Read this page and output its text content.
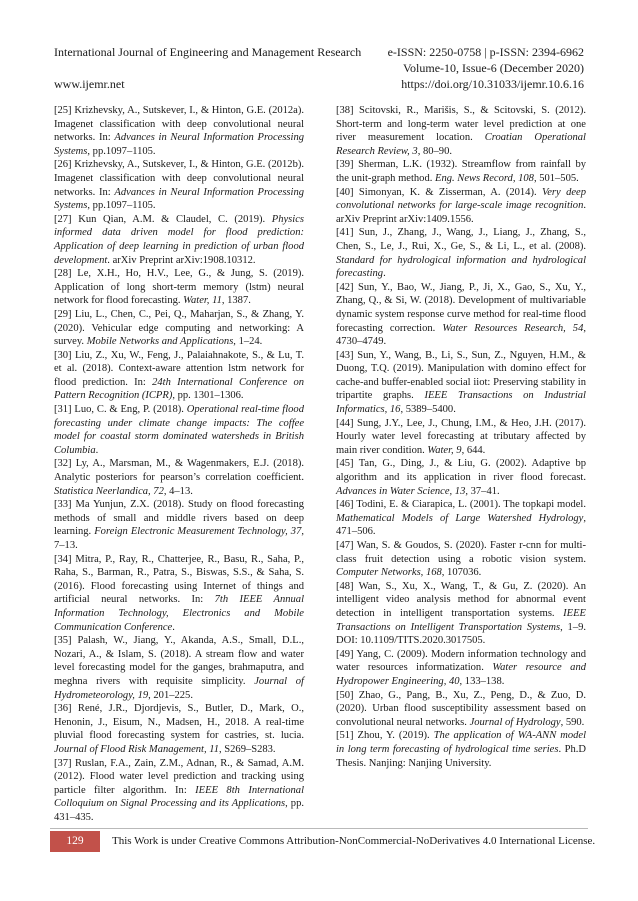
International Journal of Engineering and Management Research e-ISSN: 2250-0758 | p-ISSN: 2394-6962
Volume-10, Issue-6 (December 2020)
www.ijemr.net	https://doi.org/10.31033/ijemr.10.6.16

[25] Krizhevsky, A., Sutskever, I., & Hinton, G.E. (2012a). Imagenet classification with deep convolutional neural networks. In: Advances in Neural Information Processing Systems, pp.1097–1105.

[26] Krizhevsky, A., Sutskever, I., & Hinton, G.E. (2012b). Imagenet classification with deep convolutional neural networks. In: Advances in Neural Information Processing Systems, pp.1097–1105.

[27] Kun Qian, A.M. & Claudel, C. (2019). Physics informed data driven model for flood prediction: Application of deep learning in prediction of urban flood development. arXiv Preprint arXiv:1908.10312.

[28] Le, X.H., Ho, H.V., Lee, G., & Jung, S. (2019). Application of long short-term memory (lstm) neural network for flood forecasting. Water, 11, 1387.

[29] Liu, L., Chen, C., Pei, Q., Maharjan, S., & Zhang, Y. (2020). Vehicular edge computing and networking: A survey. Mobile Networks and Applications, 1–24.

[30] Liu, Z., Xu, W., Feng, J., Palaiahnakote, S., & Lu, T. et al. (2018). Context-aware attention lstm network for flood prediction. In: 24th International Conference on Pattern Recognition (ICPR), pp. 1301–1306.

[31] Luo, C. & Eng, P. (2018). Operational real-time flood forecasting under climate change impacts: The coffee model for coastal storm dominated watersheds in British Columbia.

[32] Ly, A., Marsman, M., & Wagenmakers, E.J. (2018). Analytic posteriors for pearson’s correlation coefficient. Statistica Neerlandica, 72, 4–13.

[33] Ma Yunjun, Z.X. (2018). Study on flood forecasting methods of small and middle rivers based on deep learning. Foreign Electronic Measurement Technology, 37, 7–13.

[34] Mitra, P., Ray, R., Chatterjee, R., Basu, R., Saha, P., Raha, S., Barman, R., Patra, S., Biswas, S.S., & Saha, S. (2016). Flood forecasting using Internet of things and artificial neural networks. In: 7th IEEE Annual Information Technology, Electronics and Mobile Communication Conference.

[35] Palash, W., Jiang, Y., Akanda, A.S., Small, D.L., Nozari, A., & Islam, S. (2018). A stream flow and water level forecasting model for the ganges, brahmaputra, and meghna rivers with requisite simplicity. Journal of Hydrometeorology, 19, 201–225.

[36] René, J.R., Djordjevis, S., Butler, D., Mark, O., Henonin, J., Eisum, N., Madsen, H., 2018. A real-time pluvial flood forecasting system for castries, st. lucia. Journal of Flood Risk Management, 11, S269–S283.

[37] Ruslan, F.A., Zain, Z.M., Adnan, R., & Samad, A.M. (2012). Flood water level prediction and tracking using particle filter algorithm. In: IEEE 8th International Colloquium on Signal Processing and its Applications, pp. 431–435.

[38] Scitovski, R., Marišis, S., & Scitovski, S. (2012). Short-term and long-term water level prediction at one river measurement location. Croatian Operational Research Review, 3, 80–90.

[39] Sherman, L.K. (1932). Streamflow from rainfall by the unit-graph method. Eng. News Record, 108, 501–505.

[40] Simonyan, K. & Zisserman, A. (2014). Very deep convolutional networks for large-scale image recognition. arXiv Preprint arXiv:1409.1556.

[41] Sun, J., Zhang, J., Wang, J., Liang, J., Zhang, S., Chen, S., Le, J., Rui, X., Ge, S., & Li, L., et al. (2008). Standard for hydrological information and hydrological forecasting.

[42] Sun, Y., Bao, W., Jiang, P., Ji, X., Gao, S., Xu, Y., Zhang, Q., & Si, W. (2018). Development of multivariable dynamic system response curve method for real-time flood forecasting correction. Water Resources Research, 54, 4730–4749.

[43] Sun, Y., Wang, B., Li, S., Sun, Z., Nguyen, H.M., & Duong, T.Q. (2019). Manipulation with domino effect for cache-and buffer-enabled social iiot: Preserving stability in tripartite graphs. IEEE Transactions on Industrial Informatics, 16, 5389–5400.

[44] Sung, J.Y., Lee, J., Chung, I.M., & Heo, J.H. (2017). Hourly water level forecasting at tributary affected by main river condition. Water, 9, 644.

[45] Tan, G., Ding, J., & Liu, G. (2002). Adaptive bp algorithm and its application in river flood forecast. Advances in Water Science, 13, 37–41.

[46] Todini, E. & Ciarapica, L. (2001). The topkapi model. Mathematical Models of Large Watershed Hydrology, 471–506.

[47] Wan, S. & Goudos, S. (2020). Faster r-cnn for multi-class fruit detection using a robotic vision system. Computer Networks, 168, 107036.

[48] Wan, S., Xu, X., Wang, T., & Gu, Z. (2020). An intelligent video analysis method for abnormal event detection in intelligent transportation systems. IEEE Transactions on Intelligent Transportation Systems, 1–9. DOI: 10.1109/TITS.2020.3017505.

[49] Yang, C. (2009). Modern information technology and water resources informatization. Water resource and Hydropower Engineering, 40, 133–138.

[50] Zhao, G., Pang, B., Xu, Z., Peng, D., & Zuo, D. (2020). Urban flood susceptibility assessment based on convolutional neural networks. Journal of Hydrology, 590.

[51] Zhou, Y. (2019). The application of WA-ANN model in long term forecasting of hydrological time series. Ph.D Thesis. Nanjing: Nanjing University.

129	This Work is under Creative Commons Attribution-NonCommercial-NoDerivatives 4.0 International License.
